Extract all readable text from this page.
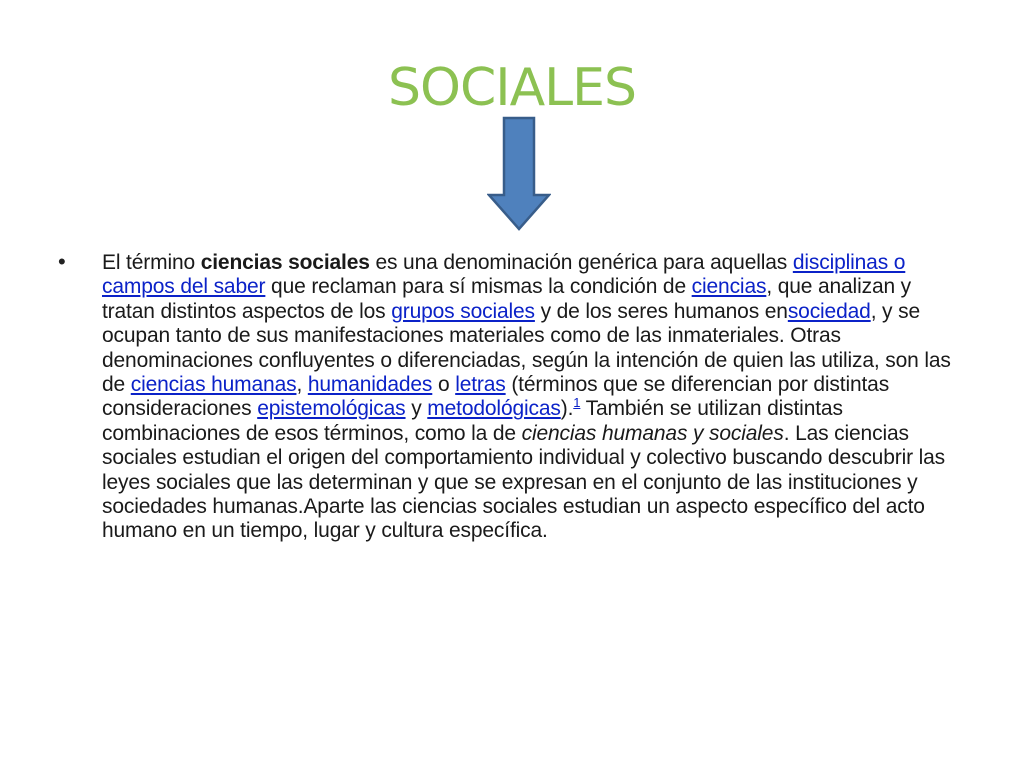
SOCIALES
• El término ciencias sociales es una denominación genérica para aquellas disciplinas o campos del saber que reclaman para sí mismas la condición de ciencias, que analizan y tratan distintos aspectos de los grupos sociales y de los seres humanos ensociedad, y se ocupan tanto de sus manifestaciones materiales como de las inmateriales. Otras denominaciones confluyentes o diferenciadas, según la intención de quien las utiliza, son las de ciencias humanas, humanidades o letras (términos que se diferencian por distintas consideraciones epistemológicas y metodológicas).$^1$ También se utilizan distintas combinaciones de esos términos, como la de ciencias humanas y sociales. Las ciencias sociales estudian el origen del comportamiento individual y colectivo buscando descubrir las leyes sociales que las determinan y que se expresan en el conjunto de las instituciones y sociedades humanas.Aparte las ciencias sociales estudian un aspecto específico del acto humano en un tiempo, lugar y cultura específica.
